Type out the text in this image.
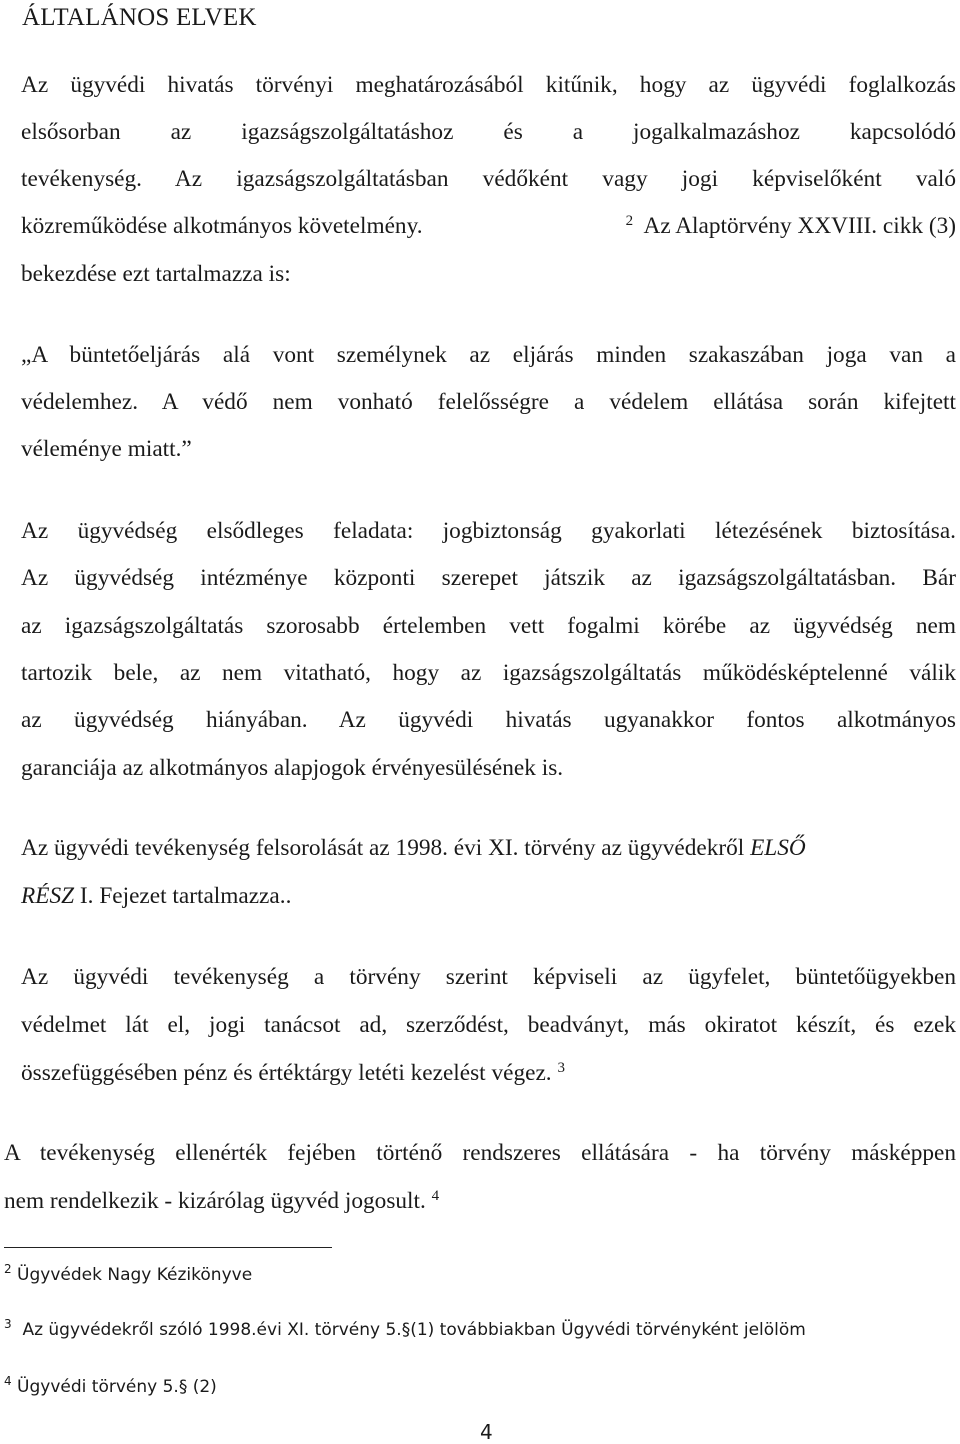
ÁLTALÁNOS ELVEK
Az ügyvédi hivatás törvényi meghatározásából kitűnik, hogy az ügyvédi foglalkozás
elsősorban az igazságszolgáltatáshoz és a jogalkalmazáshoz kapcsolódó
tevékenység. Az igazságszolgáltatásban védőként vagy jogi képviselőként való
közreműködése alkotmányos követelmény.	$^2$ Az Alaptörvény XXVIII. cikk (3)
bekezdése ezt tartalmazza is:
„A büntetőeljárás alá vont személynek az eljárás minden szakaszában joga van a
védelemhez. A védő nem vonható felelősségre a védelem ellátása során kifejtett
véleménye miatt.”
Az ügyvédség elsődleges feladata: jogbiztonság gyakorlati létezésének biztosítása.
Az ügyvédség intézménye központi szerepet játszik az igazságszolgáltatásban. Bár
az igazságszolgáltatás szorosabb értelemben vett fogalmi körébe az ügyvédség nem
tartozik bele, az nem vitatható, hogy az igazságszolgáltatás működésképtelenné válik
az ügyvédség hiányában. Az ügyvédi hivatás ugyanakkor fontos alkotmányos
garanciája az alkotmányos alapjogok érvényesülésének is.
Az ügyvédi tevékenység felsorolását az 1998. évi XI. törvény az ügyvédekről ELSŐ
RÉSZ I. Fejezet tartalmazza..
Az ügyvédi tevékenység a törvény szerint képviseli az ügyfelet, büntetőügyekben
védelmet lát el, jogi tanácsot ad, szerződést, beadványt, más okiratot készít, és ezek
összefüggésében pénz és értéktárgy letéti kezelést végez. $^3$
A tevékenység ellenérték fejében történő rendszeres ellátására - ha törvény másképpen
nem rendelkezik - kizárólag ügyvéd jogosult. $^4$
$^2$ Ügyvédek Nagy Kézikönyve
$^3$ Az ügyvédekről szóló 1998.évi XI. törvény 5.§(1) továbbiakban Ügyvédi törvényként jelölöm
$^4$ Ügyvédi törvény 5.§ (2)
4
